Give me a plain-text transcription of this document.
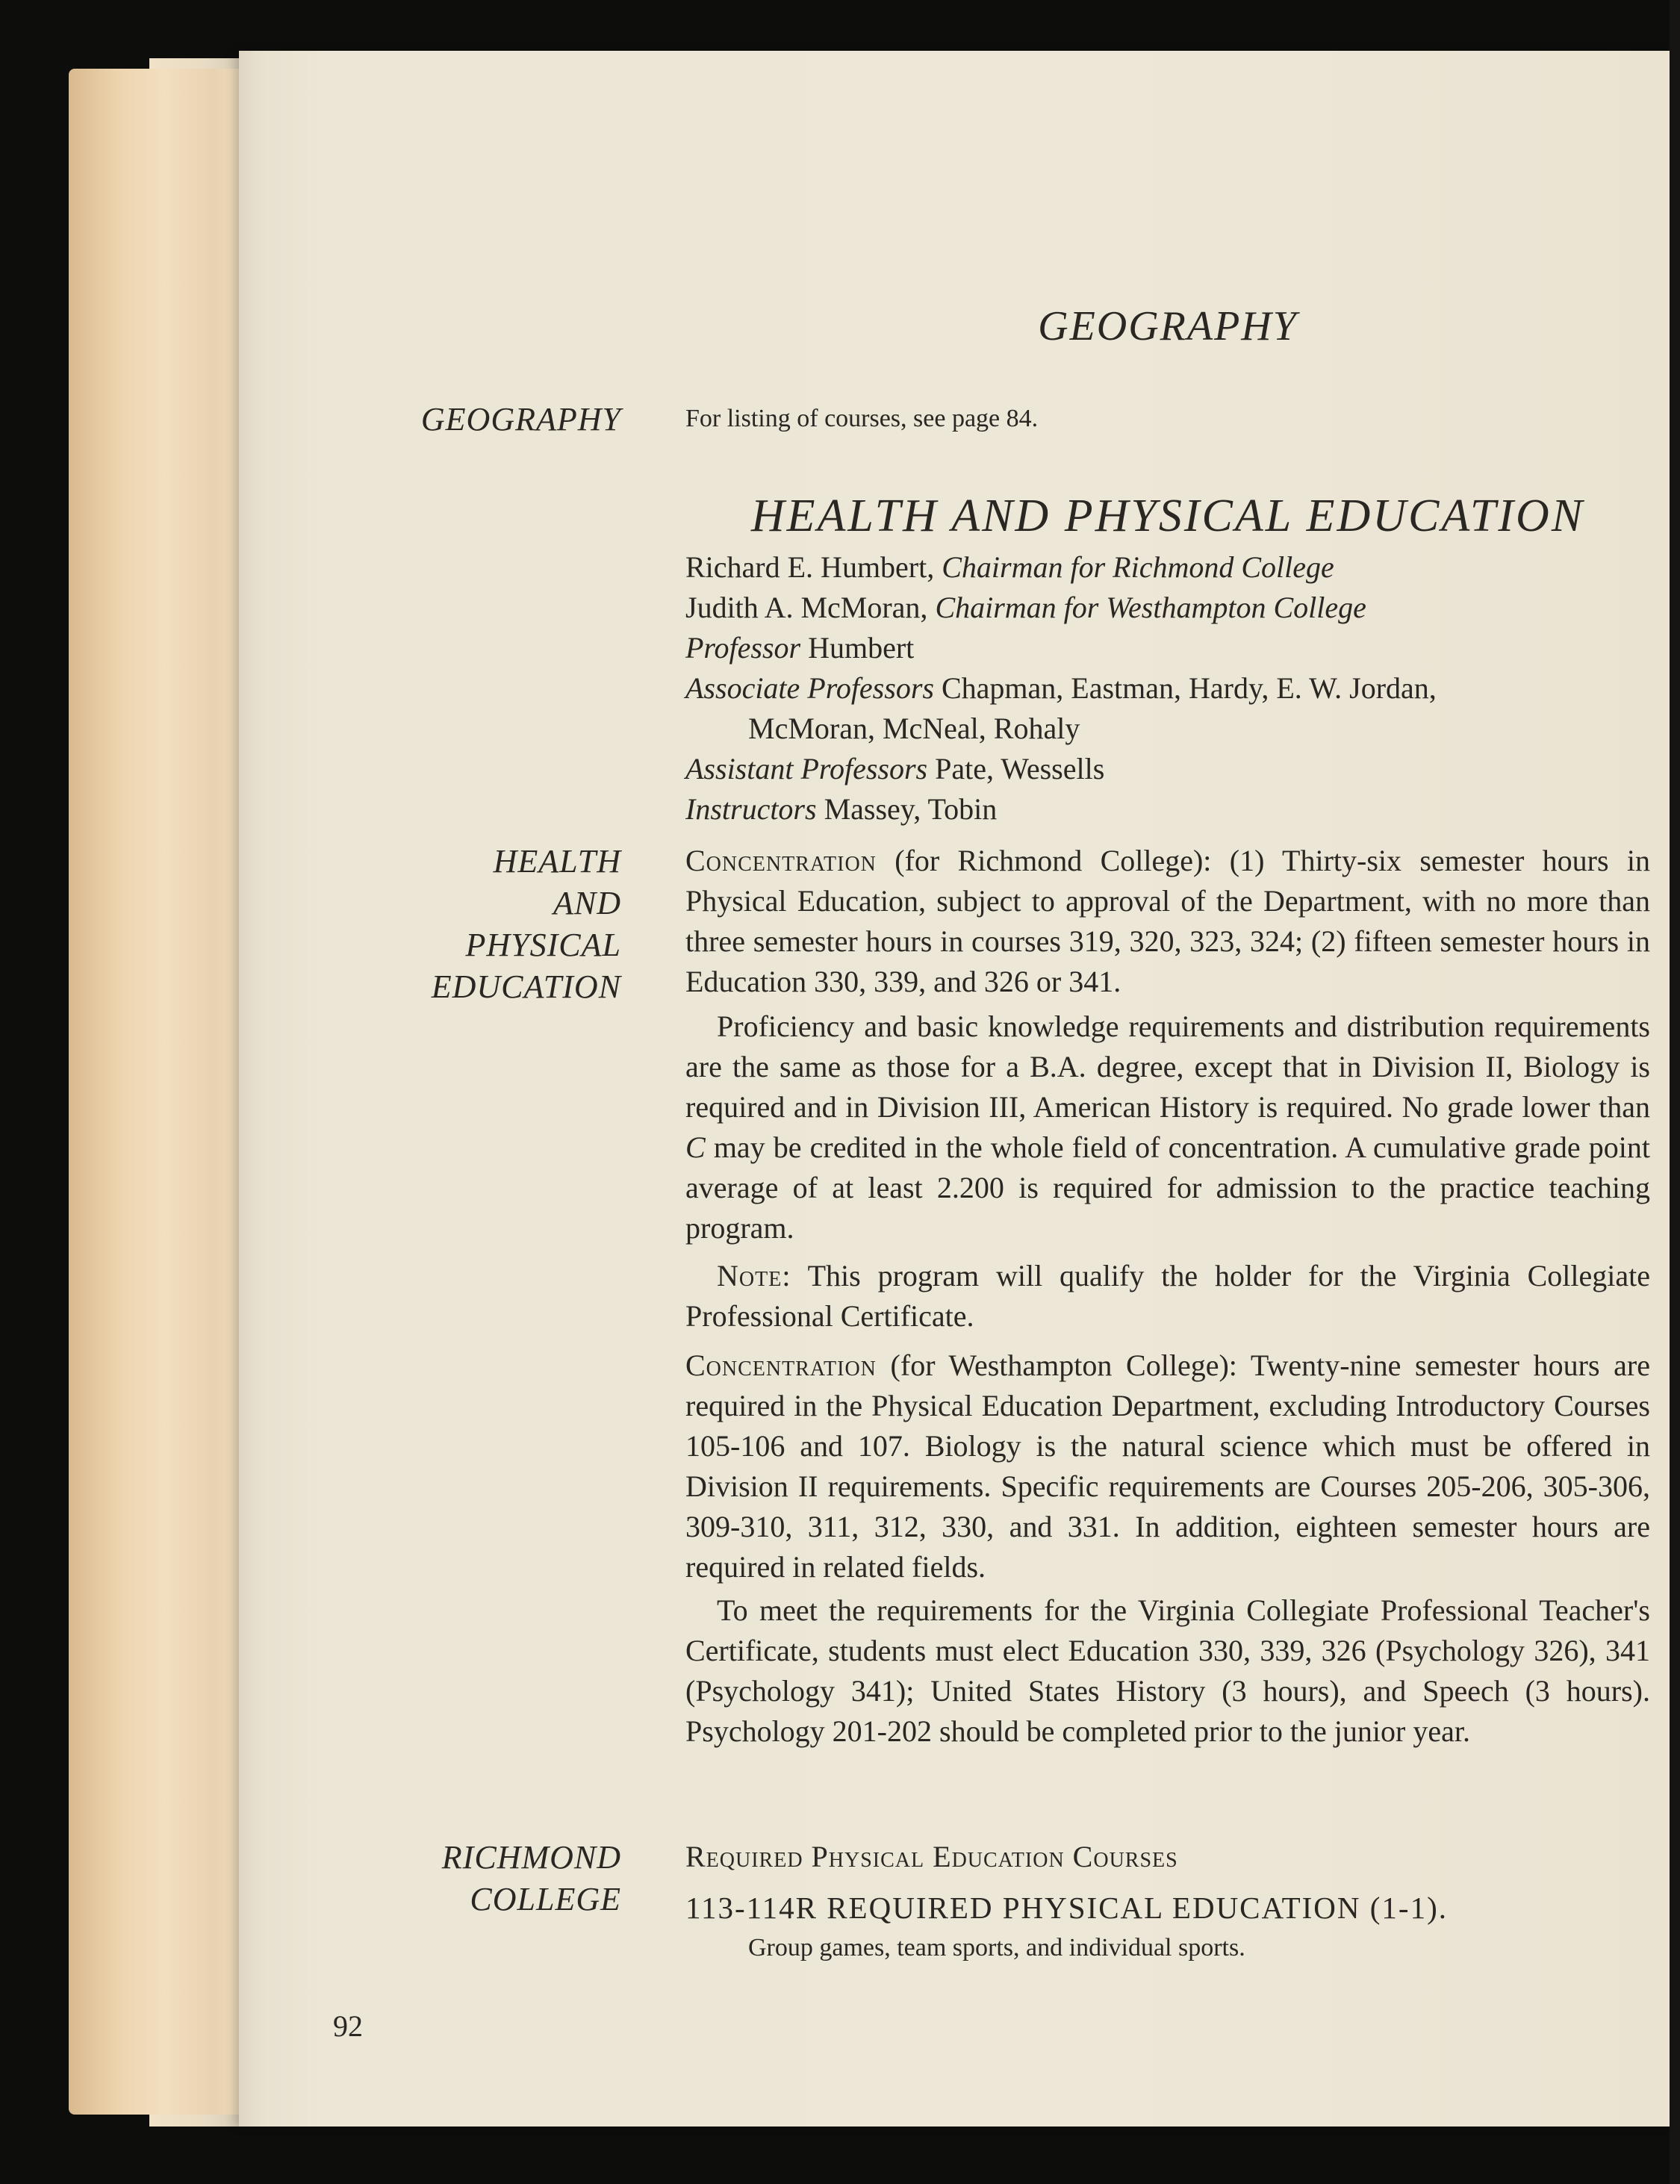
GEOGRAPHY
HEALTH
AND
PHYSICAL
EDUCATION
RICHMOND
COLLEGE
GEOGRAPHY
For listing of courses, see page 84.
HEALTH AND PHYSICAL EDUCATION
Richard E. Humbert, Chairman for Richmond College
Judith A. McMoran, Chairman for Westhampton College
Professor Humbert
Associate Professors Chapman, Eastman, Hardy, E. W. Jordan,
McMoran, McNeal, Rohaly
Assistant Professors Pate, Wessells
Instructors Massey, Tobin

Concentration (for Richmond College): (1) Thirty-six semester hours in Physical Education, subject to approval of the Department, with no more than three semester hours in courses 319, 320, 323, 324; (2) fifteen semester hours in Education 330, 339, and 326 or 341.

Proficiency and basic knowledge requirements and distribution requirements are the same as those for a B.A. degree, except that in Division II, Biology is required and in Division III, American History is required. No grade lower than C may be credited in the whole field of concentration. A cumulative grade point average of at least 2.200 is required for admission to the practice teaching program.

Note: This program will qualify the holder for the Virginia Collegiate Professional Certificate.

Concentration (for Westhampton College): Twenty-nine semester hours are required in the Physical Education Department, excluding Introductory Courses 105-106 and 107. Biology is the natural science which must be offered in Division II requirements. Specific requirements are Courses 205-206, 305-306, 309-310, 311, 312, 330, and 331. In addition, eighteen semester hours are required in related fields.

To meet the requirements for the Virginia Collegiate Professional Teacher's Certificate, students must elect Education 330, 339, 326 (Psychology 326), 341 (Psychology 341); United States History (3 hours), and Speech (3 hours). Psychology 201-202 should be completed prior to the junior year.

Required Physical Education Courses
113-114R REQUIRED PHYSICAL EDUCATION (1-1).
Group games, team sports, and individual sports.
92
